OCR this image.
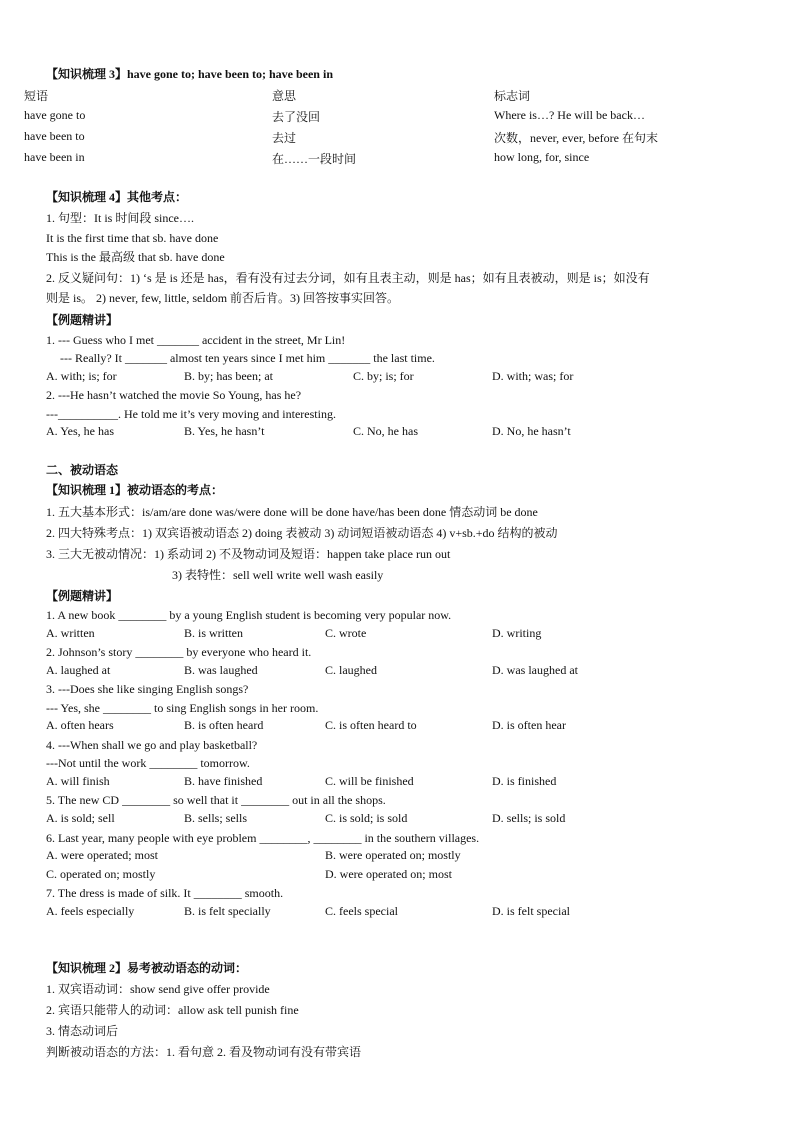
【知识梳理 3】have gone to; have been to; have been in
短语	意思	标志词
have gone to	去了没回	Where is…? He will be back…
have been to	去过	次数，never, ever, before 在句末
have been in	在……一段时间	how long, for, since
【知识梳理 4】其他考点：
1. 句型：It is 时间段 since….
It is the first time that sb. have done
This is the 最高级 that sb. have done
2. 反义疑问句：1) ‘s 是 is 还是 has，看有没有过去分词，如有且表主动，则是 has；如有且表被动，则是 is；如没有
则是 is。 2) never, few, little, seldom 前否后肯。3) 回答按事实回答。
【例题精讲】
1. --- Guess who I met _______ accident in the street, Mr Lin!
--- Really? It _______ almost ten years since I met him _______ the last time.
A. with; is; for	B. by; has been; at	C. by; is; for	D. with; was; for
2. ---He hasn’t watched the movie So Young, has he?
---__________. He told me it’s very moving and interesting.
A. Yes, he has	B. Yes, he hasn’t	C. No, he has	D. No, he hasn’t
二、被动语态
【知识梳理 1】被动语态的考点：
1. 五大基本形式：is/am/are done was/were done will be done have/has been done 情态动词 be done
2. 四大特殊考点：1) 双宾语被动语态 2) doing 表被动 3) 动词短语被动语态 4) v+sb.+do 结构的被动
3. 三大无被动情况：1) 系动词 2) 不及物动词及短语：happen take place run out
3) 表特性：sell well write well wash easily
【例题精讲】
1. A new book ________ by a young English student is becoming very popular now.
A. written	B. is written	C. wrote	D. writing
2. Johnson’s story ________ by everyone who heard it.
A. laughed at	B. was laughed	C. laughed	D. was laughed at
3. ---Does she like singing English songs?
--- Yes, she ________ to sing English songs in her room.
A. often hears	B. is often heard	C. is often heard to	D. is often hear
4. ---When shall we go and play basketball?
---Not until the work ________ tomorrow.
A. will finish	B. have finished	C. will be finished	D. is finished
5. The new CD ________ so well that it ________ out in all the shops.
A. is sold; sell	B. sells; sells	C. is sold; is sold	D. sells; is sold
6. Last year, many people with eye problem ________, ________ in the southern villages.
A. were operated; most	B. were operated on; mostly
C. operated on; mostly	D. were operated on; most
7. The dress is made of silk. It ________ smooth.
A. feels especially	B. is felt specially	C. feels special	D. is felt special
【知识梳理 2】易考被动语态的动词：
1. 双宾语动词：show send give offer provide
2. 宾语只能带人的动词：allow ask tell punish fine
3. 情态动词后
判断被动语态的方法：1. 看句意 2. 看及物动词有没有带宾语
